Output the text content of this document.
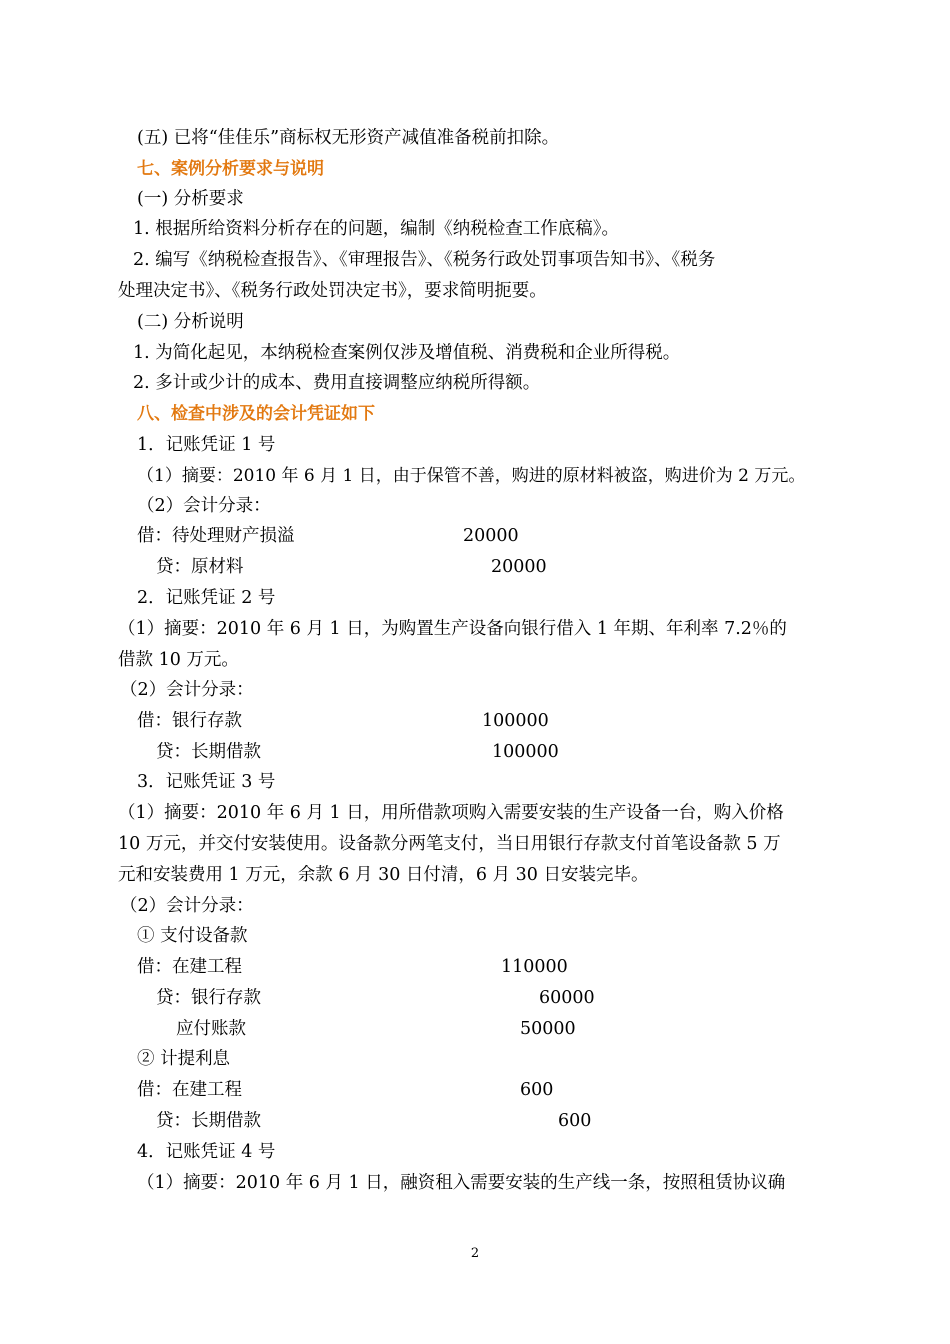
(五) 已将“佳佳乐”商标权无形资产减值准备税前扣除。
七、案例分析要求与说明
(一) 分析要求
1. 根据所给资料分析存在的问题，编制《纳税检查工作底稿》。
2. 编写《纳税检查报告》、《审理报告》、《税务行政处罚事项告知书》、《税务
处理决定书》、《税务行政处罚决定书》，要求简明扼要。
(二) 分析说明
1. 为简化起见，本纳税检查案例仅涉及增值税、消费税和企业所得税。
2. 多计或少计的成本、费用直接调整应纳税所得额。
八、检查中涉及的会计凭证如下
1．记账凭证 1 号
（1）摘要：2010 年 6 月 1 日，由于保管不善，购进的原材料被盗，购进价为 2 万元。
（2）会计分录：
借：待处理财产损溢	20000
贷：原材料	20000
2．记账凭证 2 号
（1）摘要：2010 年 6 月 1 日，为购置生产设备向银行借入 1 年期、年利率 7.2％的
借款 10 万元。
（2）会计分录：
借：银行存款	100000
贷：长期借款	100000
3．记账凭证 3 号
（1）摘要：2010 年 6 月 1 日，用所借款项购入需要安装的生产设备一台，购入价格
10 万元，并交付安装使用。设备款分两笔支付，当日用银行存款支付首笔设备款 5 万
元和安装费用 1 万元，余款 6 月 30 日付清，6 月 30 日安装完毕。
（2）会计分录：
① 支付设备款
借：在建工程	110000
贷：银行存款	60000
应付账款	50000
② 计提利息
借：在建工程	600
贷：长期借款	600
4．记账凭证 4 号
（1）摘要：2010 年 6 月 1 日，融资租入需要安装的生产线一条，按照租赁协议确
2
